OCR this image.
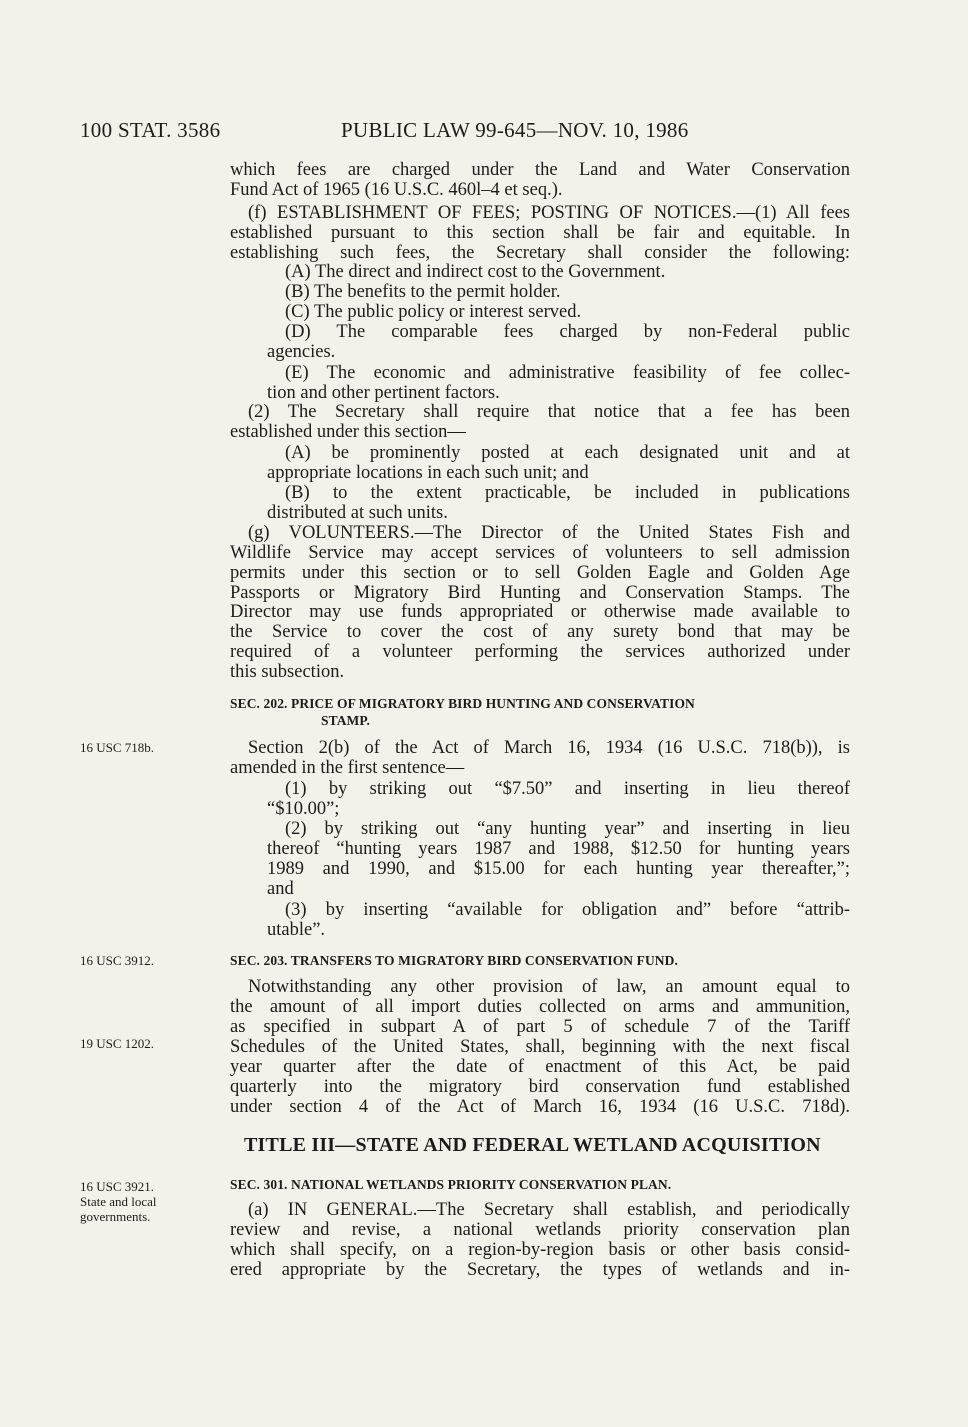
100 STAT. 3586	PUBLIC LAW 99-645—NOV. 10, 1986
16 USC 718b.
16 USC 3912.
19 USC 1202.
16 USC 3921.
State and local
governments.
which fees are charged under the Land and Water Conservation
Fund Act of 1965 (16 U.S.C. 460l–4 et seq.).
(f) ESTABLISHMENT OF FEES; POSTING OF NOTICES.—(1) All fees
established pursuant to this section shall be fair and equitable. In
establishing such fees, the Secretary shall consider the following:
(A) The direct and indirect cost to the Government.
(B) The benefits to the permit holder.
(C) The public policy or interest served.
(D) The comparable fees charged by non-Federal public
agencies.
(E) The economic and administrative feasibility of fee collec-
tion and other pertinent factors.
(2) The Secretary shall require that notice that a fee has been
established under this section—
(A) be prominently posted at each designated unit and at
appropriate locations in each such unit; and
(B) to the extent practicable, be included in publications
distributed at such units.
(g) VOLUNTEERS.—The Director of the United States Fish and
Wildlife Service may accept services of volunteers to sell admission
permits under this section or to sell Golden Eagle and Golden Age
Passports or Migratory Bird Hunting and Conservation Stamps. The
Director may use funds appropriated or otherwise made available to
the Service to cover the cost of any surety bond that may be
required of a volunteer performing the services authorized under
this subsection.
SEC. 202. PRICE OF MIGRATORY BIRD HUNTING AND CONSERVATION
STAMP.
Section 2(b) of the Act of March 16, 1934 (16 U.S.C. 718(b)), is
amended in the first sentence—
(1) by striking out “$7.50” and inserting in lieu thereof
“$10.00”;
(2) by striking out “any hunting year” and inserting in lieu
thereof “hunting years 1987 and 1988, $12.50 for hunting years
1989 and 1990, and $15.00 for each hunting year thereafter,”;
and
(3) by inserting “available for obligation and” before “attrib-
utable”.
SEC. 203. TRANSFERS TO MIGRATORY BIRD CONSERVATION FUND.
Notwithstanding any other provision of law, an amount equal to
the amount of all import duties collected on arms and ammunition,
as specified in subpart A of part 5 of schedule 7 of the Tariff
Schedules of the United States, shall, beginning with the next fiscal
year quarter after the date of enactment of this Act, be paid
quarterly into the migratory bird conservation fund established
under section 4 of the Act of March 16, 1934 (16 U.S.C. 718d).
TITLE III—STATE AND FEDERAL WETLAND ACQUISITION
SEC. 301. NATIONAL WETLANDS PRIORITY CONSERVATION PLAN.
(a) IN GENERAL.—The Secretary shall establish, and periodically
review and revise, a national wetlands priority conservation plan
which shall specify, on a region-by-region basis or other basis consid-
ered appropriate by the Secretary, the types of wetlands and in-
